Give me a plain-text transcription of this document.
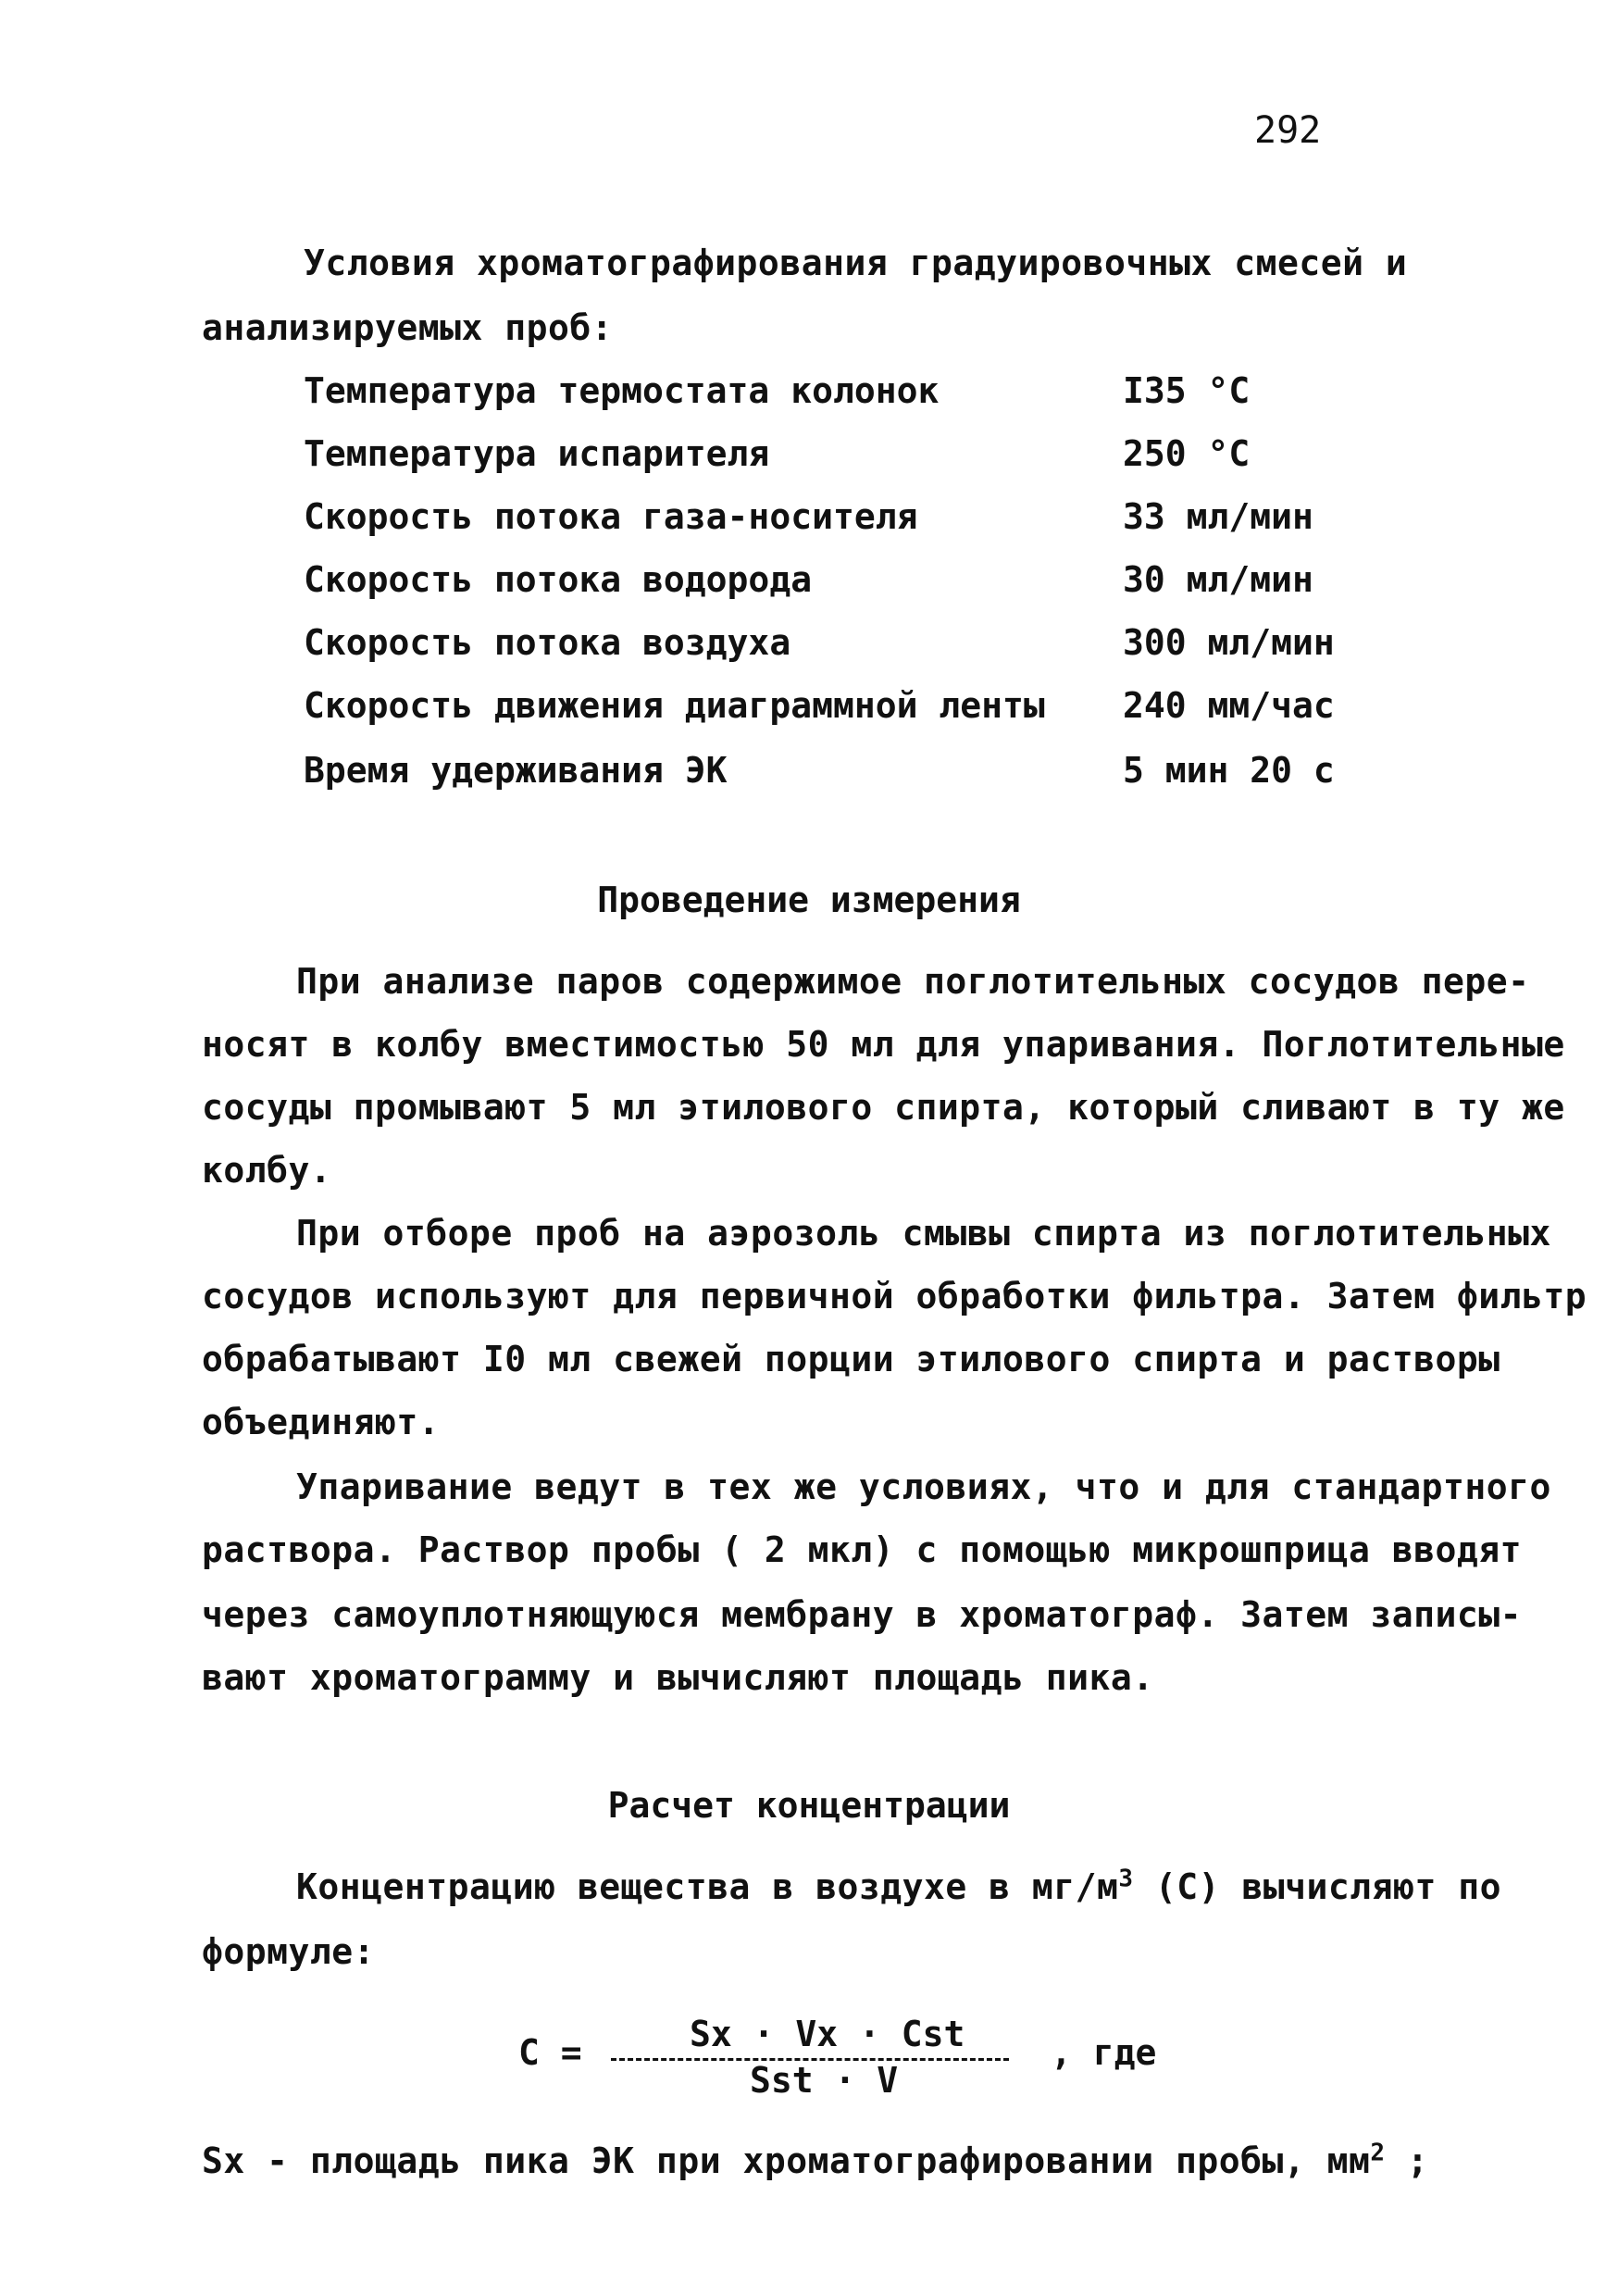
292
Условия хроматографирования градуировочных смесей и
анализируемых проб:
Температура термостата колонок	I35 °С
Температура испарителя	250 °С
Скорость потока газа-носителя	33 мл/мин
Скорость потока водорода	30 мл/мин
Скорость потока воздуха	300 мл/мин
Скорость движения диаграммной ленты 240 мм/час
Время удерживания ЭК	5 мин 20 с
Проведение измерения
При анализе паров содержимое поглотительных сосудов пере-
носят в колбу вместимостью 50 мл для упаривания. Поглотительные
сосуды промывают 5 мл этилового спирта, который сливают в ту же
колбу.
При отборе проб на аэрозоль смывы спирта из поглотительных
сосудов используют для первичной обработки фильтра. Затем фильтр
обрабатывают I0 мл свежей порции этилового спирта и растворы
объединяют.
Упаривание ведут в тех же условиях, что и для стандартного
раствора. Раствор пробы ( 2 мкл) с помощью микрошприца вводят
через самоуплотняющуюся мембрану в хроматограф. Затем записы-
вают хроматограмму и вычисляют площадь пика.
Расчет концентрации
Концентрацию вещества в воздухе в $мг/м^3$ (С) вычисляют по
формуле:
С =	Sx · Vx · Cst
Sst · V
, где
Sx - площадь пика ЭК при хроматографировании пробы, $мм^2$ ;
